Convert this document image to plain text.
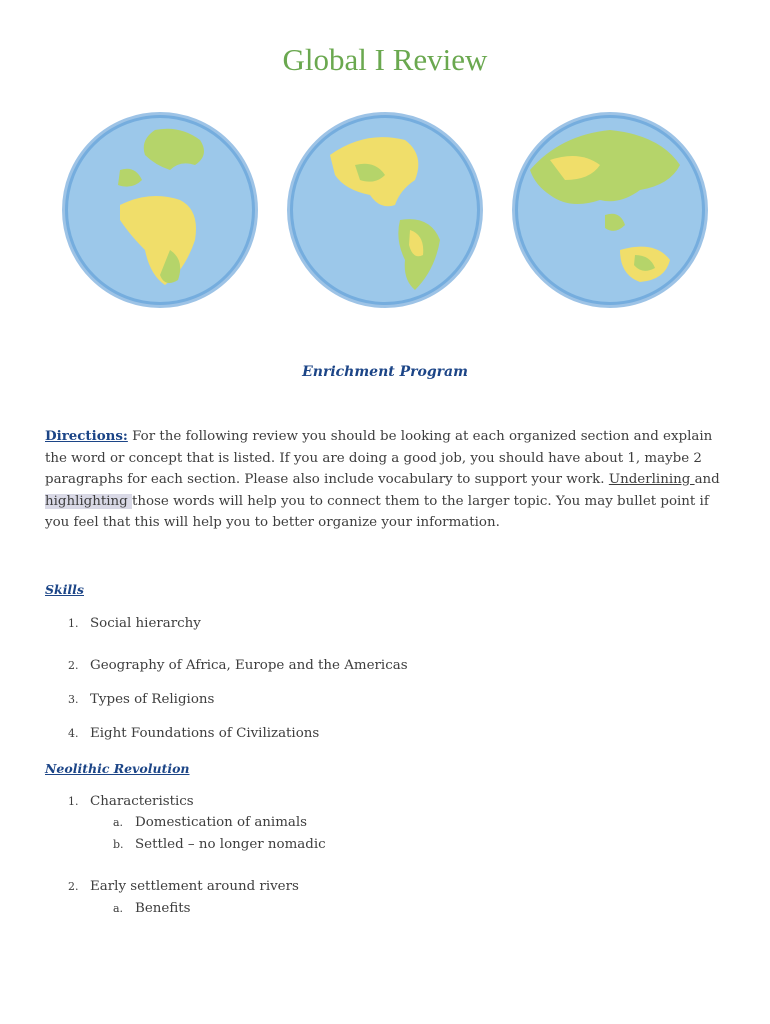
Global I Review

Enrichment Program

Directions: For the following review you should be looking at each organized section and explain the word or concept that is listed. If you are doing a good job, you should have about 1, maybe 2 paragraphs for each section. Please also include vocabulary to support your work. Underlining and highlighting those words will help you to connect them to the larger topic. You may bullet point if you feel that this will help you to better organize your information.

Skills

1. Social hierarchy
2. Geography of Africa, Europe and the Americas
3. Types of Religions
4. Eight Foundations of Civilizations

Neolithic Revolution

1. Characteristics
a. Domestication of animals
b. Settled – no longer nomadic
2. Early settlement around rivers
a. Benefits
